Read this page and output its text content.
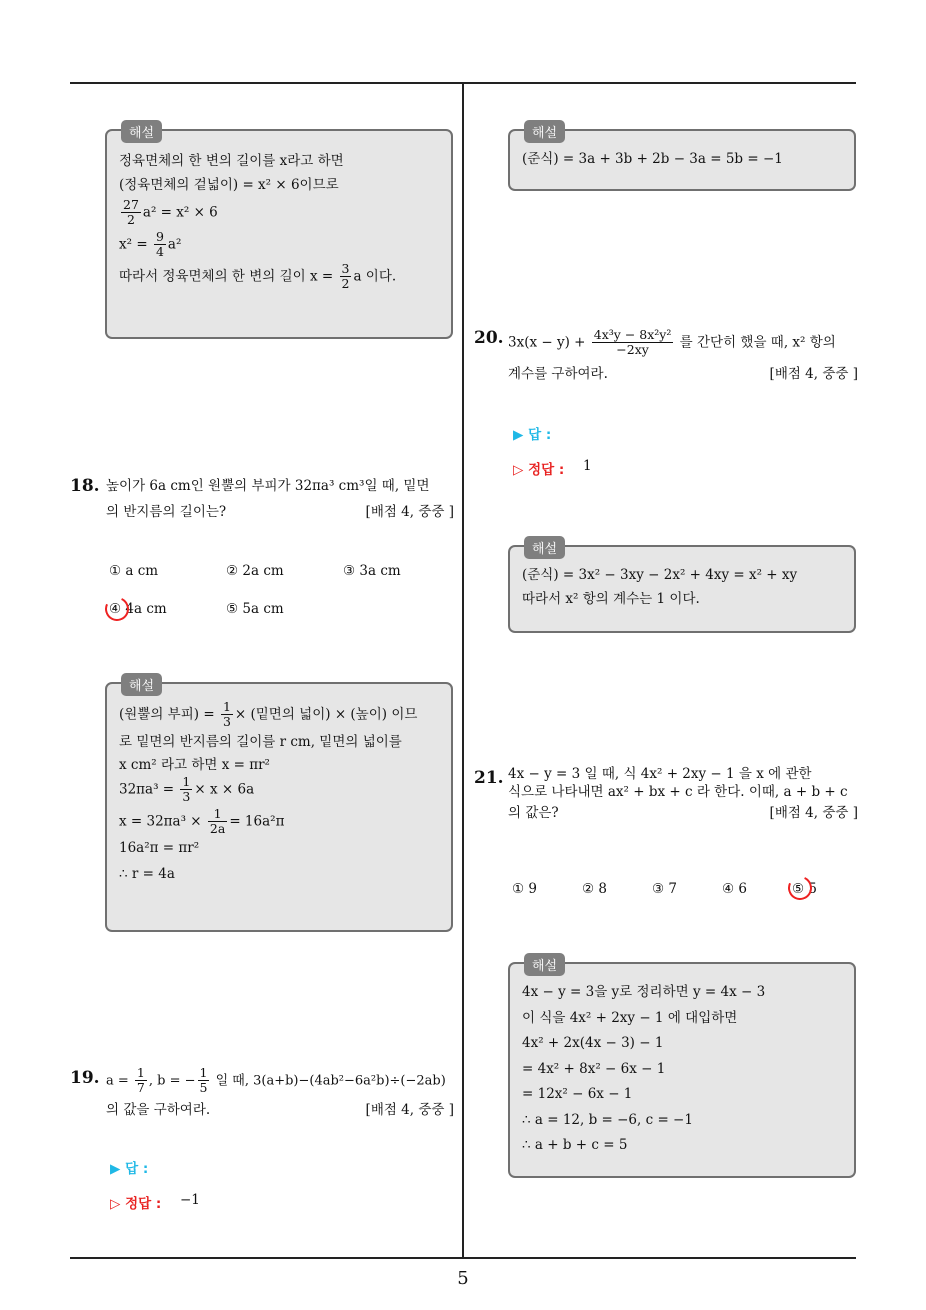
해설
정육면체의 한 변의 길이를 x라고 하면
(정육면체의 겉넓이) = x² × 6이므로
$\frac{27}{2} a^2 = x^2 \times 6$
$x^2 = \frac{9}{4} a^2$
따라서 정육면체의 한 변의 길이 $x = \frac{3}{2}$ a 이다.
18. 높이가 6a cm인 원뿔의 부피가 32πa³ cm³일 때, 밑면
의 반지름의 길이는?	[배점 4, 중중 ]
① a cm	② 2a cm	③ 3a cm
④ 4a cm	⑤ 5a cm
해설
(원뿔의 부피) = $\frac{1}{3}$ × (밑면의 넓이) × (높이) 이므
로 밑면의 반지름의 길이를 r cm, 밑면의 넓이를
x cm² 라고 하면 x = πr²
$32\pi a^3 = \frac{1}{3} \times x \times 6a$
$x = 32\pi a^3 \times \frac{1}{2a} = 16a^2\pi$
16a²π = πr²
∴ r = 4a
19. $a = \frac{1}{7}$ , b = − $\frac{1}{5}$ 일 때, 3(a+b)−(4ab²−6a²b)÷(−2ab)
의 값을 구하여라.	[배점 4, 중중 ]
▶ 답 :
▷ 정답 : −1
해설
(준식) = 3a + 3b + 2b − 3a = 5b = −1
20. $3x(x - y) + \frac{\text{4x³y − 8x²y²}}{-2xy}$ 를 간단히 했을 때, x² 항의
계수를 구하여라.	[배점 4, 중중 ]
▶ 답 :
▷ 정답 : 1
해설
(준식) = 3x² − 3xy − 2x² + 4xy = x² + xy
따라서 x² 항의 계수는 1 이다.
21. 4x − y = 3 일 때, 식 4x² + 2xy − 1 을 x 에 관한
식으로 나타내면 ax² + bx + c 라 한다. 이때, a + b + c
의 값은?	[배점 4, 중중 ]
① 9	② 8	③ 7	④ 6	⑤ 5
해설
4x − y = 3을 y로 정리하면 y = 4x − 3
이 식을 4x² + 2xy − 1 에 대입하면
4x² + 2x(4x − 3) − 1
= 4x² + 8x² − 6x − 1
= 12x² − 6x − 1
∴ a = 12, b = −6, c = −1
∴ a + b + c = 5
5
